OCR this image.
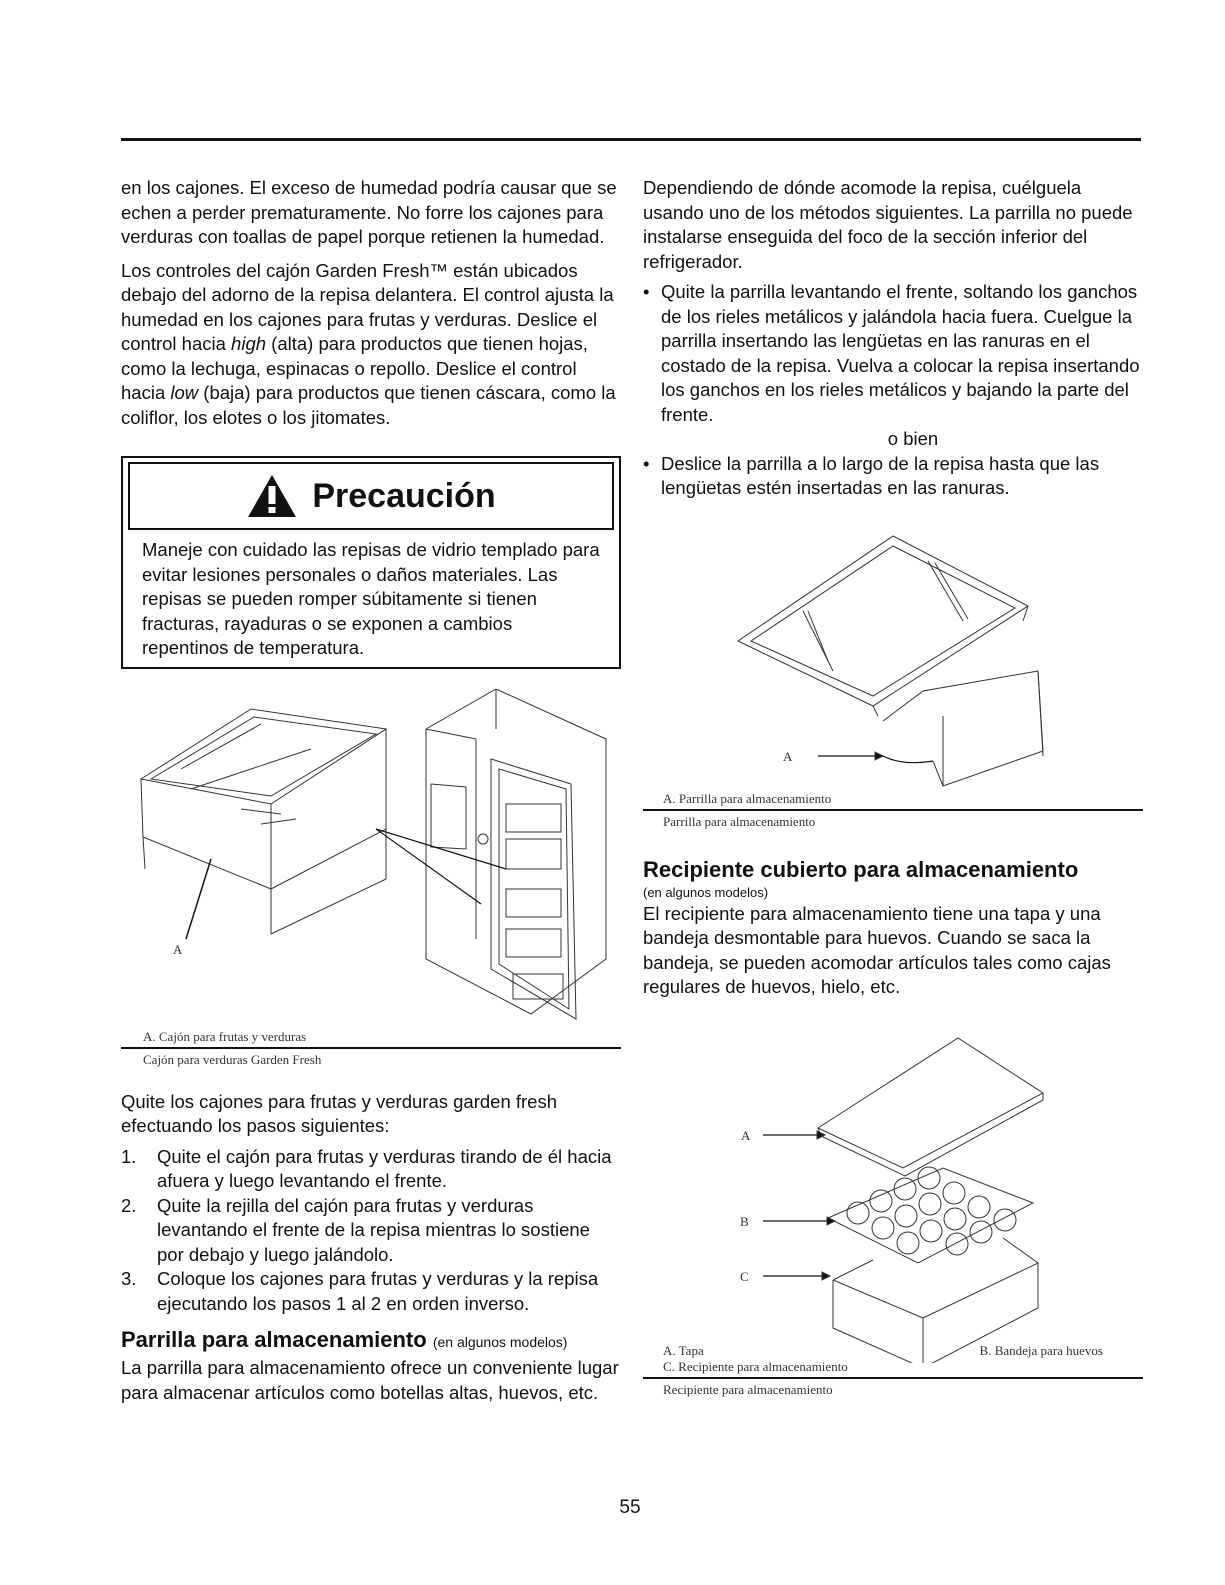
en los cajones. El exceso de humedad podría causar que se echen a perder prematuramente. No forre los cajones para verduras con toallas de papel porque retienen la humedad.

Los controles del cajón Garden Fresh™ están ubicados debajo del adorno de la repisa delantera. El control ajusta la humedad en los cajones para frutas y verduras. Deslice el control hacia high (alta) para productos que tienen hojas, como la lechuga, espinacas o repollo. Deslice el control hacia low (baja) para productos que tienen cáscara, como la coliflor, los elotes o los jitomates.

Precaución
Maneje con cuidado las repisas de vidrio templado para evitar lesiones personales o daños materiales. Las repisas se pueden romper súbitamente si tienen fracturas, rayaduras o se exponen a cambios repentinos de temperatura.
A
A. Cajón para frutas y verduras
Cajón para verduras Garden Fresh

Quite los cajones para frutas y verduras garden fresh efectuando los pasos siguientes:

1.	Quite el cajón para frutas y verduras tirando de él hacia afuera y luego levantando el frente.
2.	Quite la rejilla del cajón para frutas y verduras levantando el frente de la repisa mientras lo sostiene por debajo y luego jalándolo.
3.	Coloque los cajones para frutas y verduras y la repisa ejecutando los pasos 1 al 2 en orden inverso.
Parrilla para almacenamiento (en algunos modelos)

La parrilla para almacenamiento ofrece un conveniente lugar para almacenar artículos como botellas altas, huevos, etc.

Dependiendo de dónde acomode la repisa, cuélguela usando uno de los métodos siguientes. La parrilla no puede instalarse enseguida del foco de la sección inferior del refrigerador.

• Quite la parrilla levantando el frente, soltando los ganchos de los rieles metálicos y jalándola hacia fuera. Cuelgue la parrilla insertando las lengüetas en las ranuras en el costado de la repisa. Vuelva a colocar la repisa insertando los ganchos en los rieles metálicos y bajando la parte del frente.
o bien
• Deslice la parrilla a lo largo de la repisa hasta que las lengüetas estén insertadas en las ranuras.
A
A. Parrilla para almacenamiento
Parrilla para almacenamiento
Recipiente cubierto para almacenamiento
(en algunos modelos)

El recipiente para almacenamiento tiene una tapa y una bandeja desmontable para huevos. Cuando se saca la bandeja, se pueden acomodar artículos tales como cajas regulares de huevos, hielo, etc.

A
B
C
A. Tapa	B. Bandeja para huevos
C. Recipiente para almacenamiento
Recipiente para almacenamiento
55
